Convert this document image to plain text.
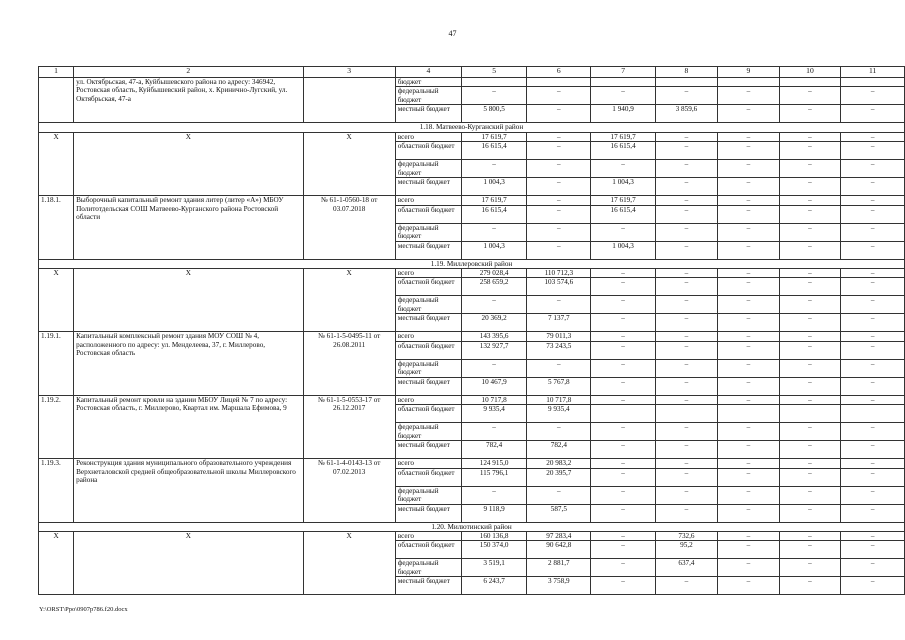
47
1	2	3	4	5	6	7	8	9	10	11
	ул. Октябрьская, 47-а, Куйбышевского района по адресу: 346942, Ростовская область, Куйбышевский район, х. Кринично-Лугский, ул. Октябрьская, 47-а		бюджет							
			федеральный бюджет	–	–	–	–	–	–	–
			местный бюджет	5 800,5	–	1 940,9	3 859,6	–	–	–
1.18. Матвеево-Курганский район										
X	X	X	всего	17 619,7	–	17 619,7	–	–	–	–
			областной бюджет	16 615,4	–	16 615,4	–	–	–	–
			федеральный бюджет	–	–	–	–	–	–	–
			местный бюджет	1 004,3	–	1 004,3	–	–	–	–
1.18.1.	Выборочный капитальный ремонт здания литер (литер «А») МБОУ Политотдельская СОШ Матвеево-Курганского района Ростовской области	№ 61-1-0560-18 от 03.07.2018	всего	17 619,7	–	17 619,7	–	–	–	–
			областной бюджет	16 615,4	–	16 615,4	–	–	–	–
			федеральный бюджет	–	–	–	–	–	–	–
			местный бюджет	1 004,3	–	1 004,3	–	–	–	–
1.19. Миллеровский район										
X	X	X	всего	279 028,4	110 712,3	–	–	–	–	–
			областной бюджет	258 659,2	103 574,6	–	–	–	–	–
			федеральный бюджет	–	–	–	–	–	–	–
			местный бюджет	20 369,2	7 137,7	–	–	–	–	–
1.19.1.	Капитальный комплексный ремонт здания МОУ СОШ № 4, расположенного по адресу: ул. Менделеева, 37, г. Миллерово, Ростовская область	№ 61-1-5-0495-11 от 26.08.2011	всего	143 395,6	79 011,3	–	–	–	–	–
			областной бюджет	132 927,7	73 243,5	–	–	–	–	–
			федеральный бюджет	–	–	–	–	–	–	–
			местный бюджет	10 467,9	5 767,8	–	–	–	–	–
1.19.2.	Капитальный ремонт кровли на здании МБОУ Лицей № 7 по адресу: Ростовская область, г. Миллерово, Квартал им. Маршала Ефимова, 9	№ 61-1-5-0553-17 от 26.12.2017	всего	10 717,8	10 717,8	–	–	–	–	–
			областной бюджет	9 935,4	9 935,4					
			федеральный бюджет	–	–	–	–	–	–	–
			местный бюджет	782,4	782,4	–	–	–	–	–
1.19.3.	Реконструкция здания муниципального образовательного учреждения Верхнеталовской средней общеобразовательной школы Миллеровского района	№ 61-1-4-0143-13 от 07.02.2013	всего	124 915,0	20 983,2	–	–	–	–	–
			областной бюджет	115 796,1	20 395,7	–	–	–	–	–
			федеральный бюджет	–	–	–	–	–	–	–
			местный бюджет	9 118,9	587,5	–	–	–	–	–
1.20. Милютинский район										
X	X	X	всего	160 136,8	97 283,4	–	732,6	–	–	–
			областной бюджет	150 374,0	90 642,8	–	95,2	–	–	–
			федеральный бюджет	3 519,1	2 881,7	–	637,4	–	–	–
			местный бюджет	6 243,7	3 758,9	–	–	–	–	–
Y:\ORST\Ppo\0907p786.f20.docx
